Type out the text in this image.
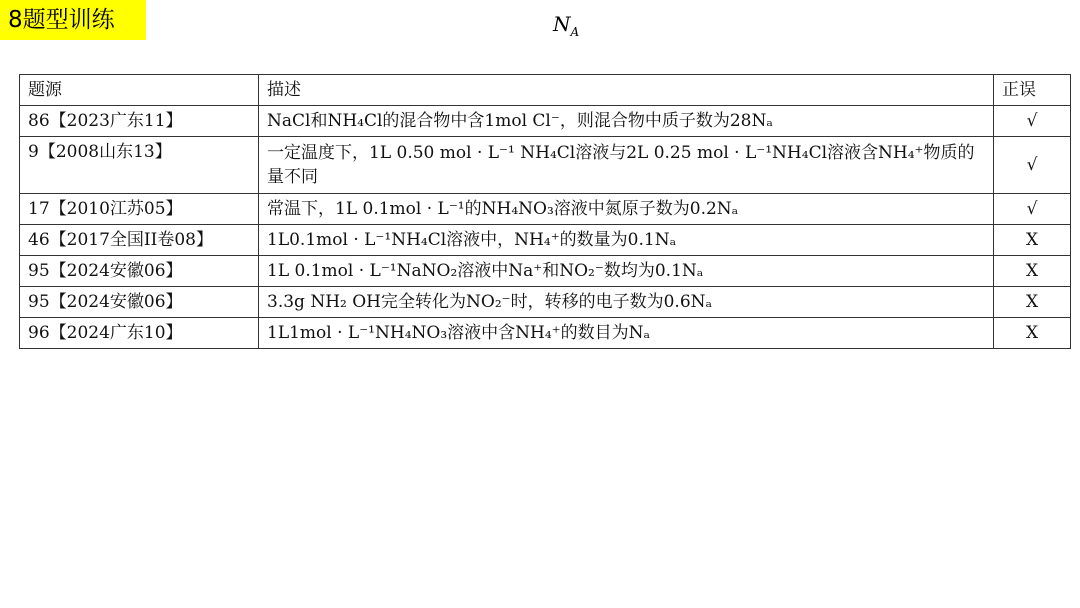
8题型训练	$N_A$
题源	描述	正误
86【2023广东11】	NaCl和NH₄Cl的混合物中含1mol Cl⁻，则混合物中质子数为28Nₐ	√
9【2008山东13】	一定温度下，1L 0.50 mol · L⁻¹ NH₄Cl溶液与2L 0.25 mol · L⁻¹NH₄Cl溶液含NH₄⁺物质的量不同	√
17【2010江苏05】	常温下，1L 0.1mol · L⁻¹的NH₄NO₃溶液中氮原子数为0.2Nₐ	√
46【2017全国II卷08】	1L0.1mol · L⁻¹NH₄Cl溶液中，NH₄⁺的数量为0.1Nₐ	X
95【2024安徽06】	1L 0.1mol · L⁻¹NaNO₂溶液中Na⁺和NO₂⁻数均为0.1Nₐ	X
95【2024安徽06】	3.3g NH₂ OH完全转化为NO₂⁻时，转移的电子数为0.6Nₐ	X
96【2024广东10】	1L1mol · L⁻¹NH₄NO₃溶液中含NH₄⁺的数目为Nₐ	X
